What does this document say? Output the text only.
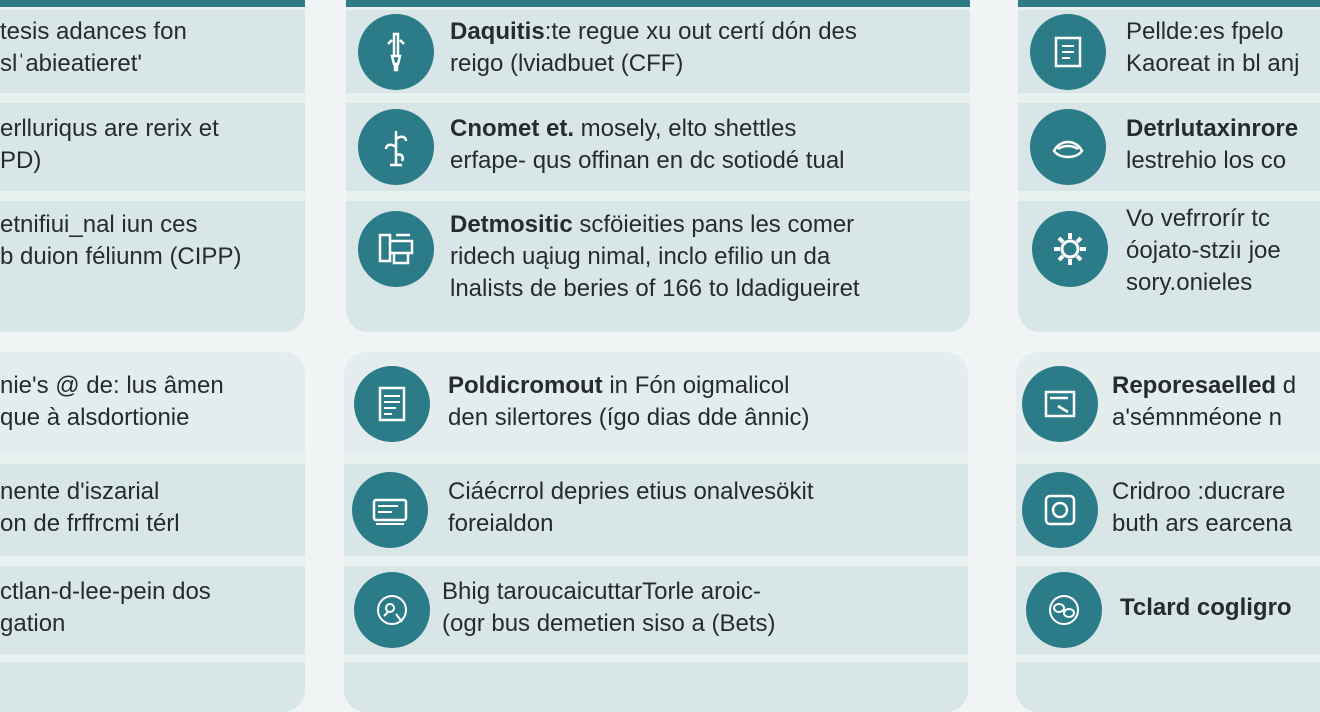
tesis adances fon
slˈabieatieret'
erlluriqus are rerix et
PD)
etnifiui_nal iun сes
b duion féliunm (CIPP)
nie's @ de: lus âmen
que à alsdortionie
nente d'iszarial
on de frffrcmi térl
ctlan-d-lee-pein dos
gation
Daquitis:te regue xu out certí dón des
reigo (lviadbuet (CFF)
Cnomet et. mosely, elto shettles
erfape- qus offinan en dc sotiodé tual
Detmositic scföieities pans les comer
ridech uąiug nimal, inclo efilio un da
lnalists de beries of 166 to ldadigueiret
Poldicromout in Fón oigmalicol
den silertores (ígo dias dde ânnic)
Ciáécrrol depries etius onalvesökit
foreialdon
Bhig taroucaicuttarTorle aroic-
(ogr bus demetien siso a (Bets)
Pellde:es fpelo
Kaoreat in bl anj
Detrlutaxinrore
lestrehio los co
Vo vefrrorír tc
óojato-stziı joe
sory.onieles
Reporesaelled d
a'sémnméone n
Cridroo :ducrare
buth ars earcena
Tclard cogligro
